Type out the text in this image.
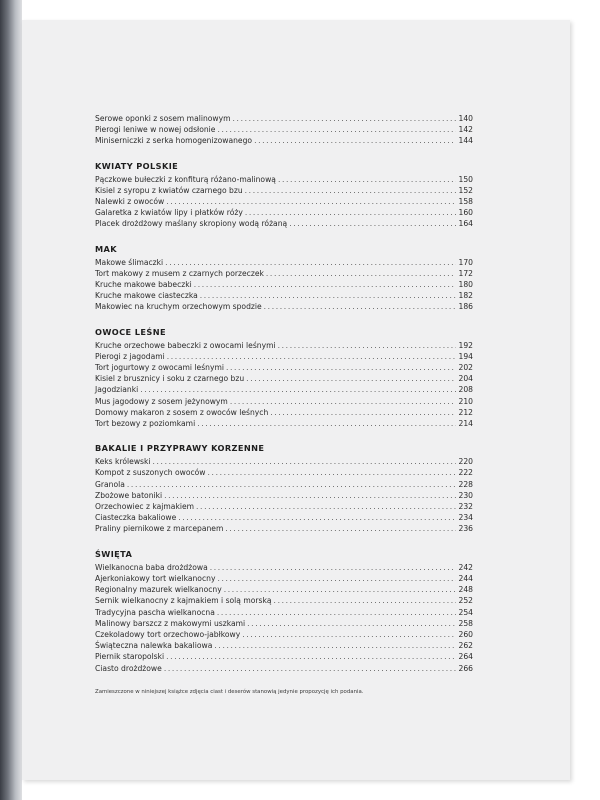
Serowe oponki z sosem malinowym . . .	140
Pierogi leniwe w nowej odsłonie . . .	142
Miniserniczki z serka homogenizowanego . . .	144
KWIATY POLSKIE
Pączkowe bułeczki z konfiturą różano-malinową . . .	150
Kisiel z syropu z kwiatów czarnego bzu . . .	152
Nalewki z owoców . . .	158
Galaretka z kwiatów lipy i płatków róży . . .	160
Placek drożdżowy maślany skropiony wodą różaną . . .	164
MAK
Makowe ślimaczki . . .	170
Tort makowy z musem z czarnych porzeczek . . .	172
Kruche makowe babeczki . . .	180
Kruche makowe ciasteczka . . .	182
Makowiec na kruchym orzechowym spodzie . . .	186
OWOCE LEŚNE
Kruche orzechowe babeczki z owocami leśnymi . . .	192
Pierogi z jagodami . . .	194
Tort jogurtowy z owocami leśnymi . . .	202
Kisiel z bruszniсy i soku z czarnego bzu . . .	204
Jagodzianki . . .	208
Mus jagodowy z sosem jeżynowym . . .	210
Domowy makaron z sosem z owoców leśnych . . .	212
Tort bezowy z poziomkami . . .	214
BAKALIE I PRZYPRAWY KORZENNE
Keks królewski . . .	220
Kompot z suszonych owoców . . .	222
Granola . . .	228
Zbożowe batoniki . . .	230
Orzechowiec z kajmakiem . . .	232
Ciasteczka bakaliowe . . .	234
Praliny piernikowe z marcepanem . . .	236
ŚWIĘTA
Wielkanocna baba drożdżowa . . .	242
Ajerkoniakowy tort wielkanocny . . .	244
Regionalny mazurek wielkanocny . . .	248
Sernik wielkanocny z kajmakiem i solą morską . . .	252
Tradycyjna pascha wielkanocna . . .	254
Malinowy barszcz z makowymi uszkami . . .	258
Czekoladowy tort orzechowo-jabłkowy . . .	260
Świąteczna nalewka bakaliowa . . .	262
Piernik staropolski . . .	264
Ciasto drożdżowe . . .	266
Zamieszczone w niniejszej książce zdjęcia ciast i deserów stanowią jedynie propozycję ich podania.
